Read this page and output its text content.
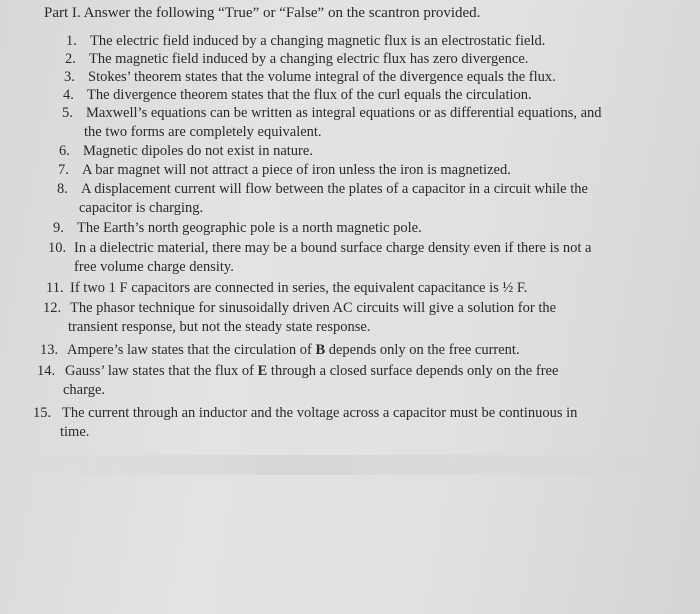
Part I. Answer the following “True” or “False” on the scantron provided.
1. The electric field induced by a changing magnetic flux is an electrostatic field.
2. The magnetic field induced by a changing electric flux has zero divergence.
3. Stokes’ theorem states that the volume integral of the divergence equals the flux.
4. The divergence theorem states that the flux of the curl equals the circulation.
5. Maxwell’s equations can be written as integral equations or as differential equations, and
the two forms are completely equivalent.
6. Magnetic dipoles do not exist in nature.
7. A bar magnet will not attract a piece of iron unless the iron is magnetized.
8. A displacement current will flow between the plates of a capacitor in a circuit while the
capacitor is charging.
9. The Earth’s north geographic pole is a north magnetic pole.
10. In a dielectric material, there may be a bound surface charge density even if there is not a
free volume charge density.
11. If two 1 F capacitors are connected in series, the equivalent capacitance is ½ F.
12. The phasor technique for sinusoidally driven AC circuits will give a solution for the
transient response, but not the steady state response.
13. Ampere’s law states that the circulation of B depends only on the free current.
14. Gauss’ law states that the flux of E through a closed surface depends only on the free
charge.
15. The current through an inductor and the voltage across a capacitor must be continuous in
time.
